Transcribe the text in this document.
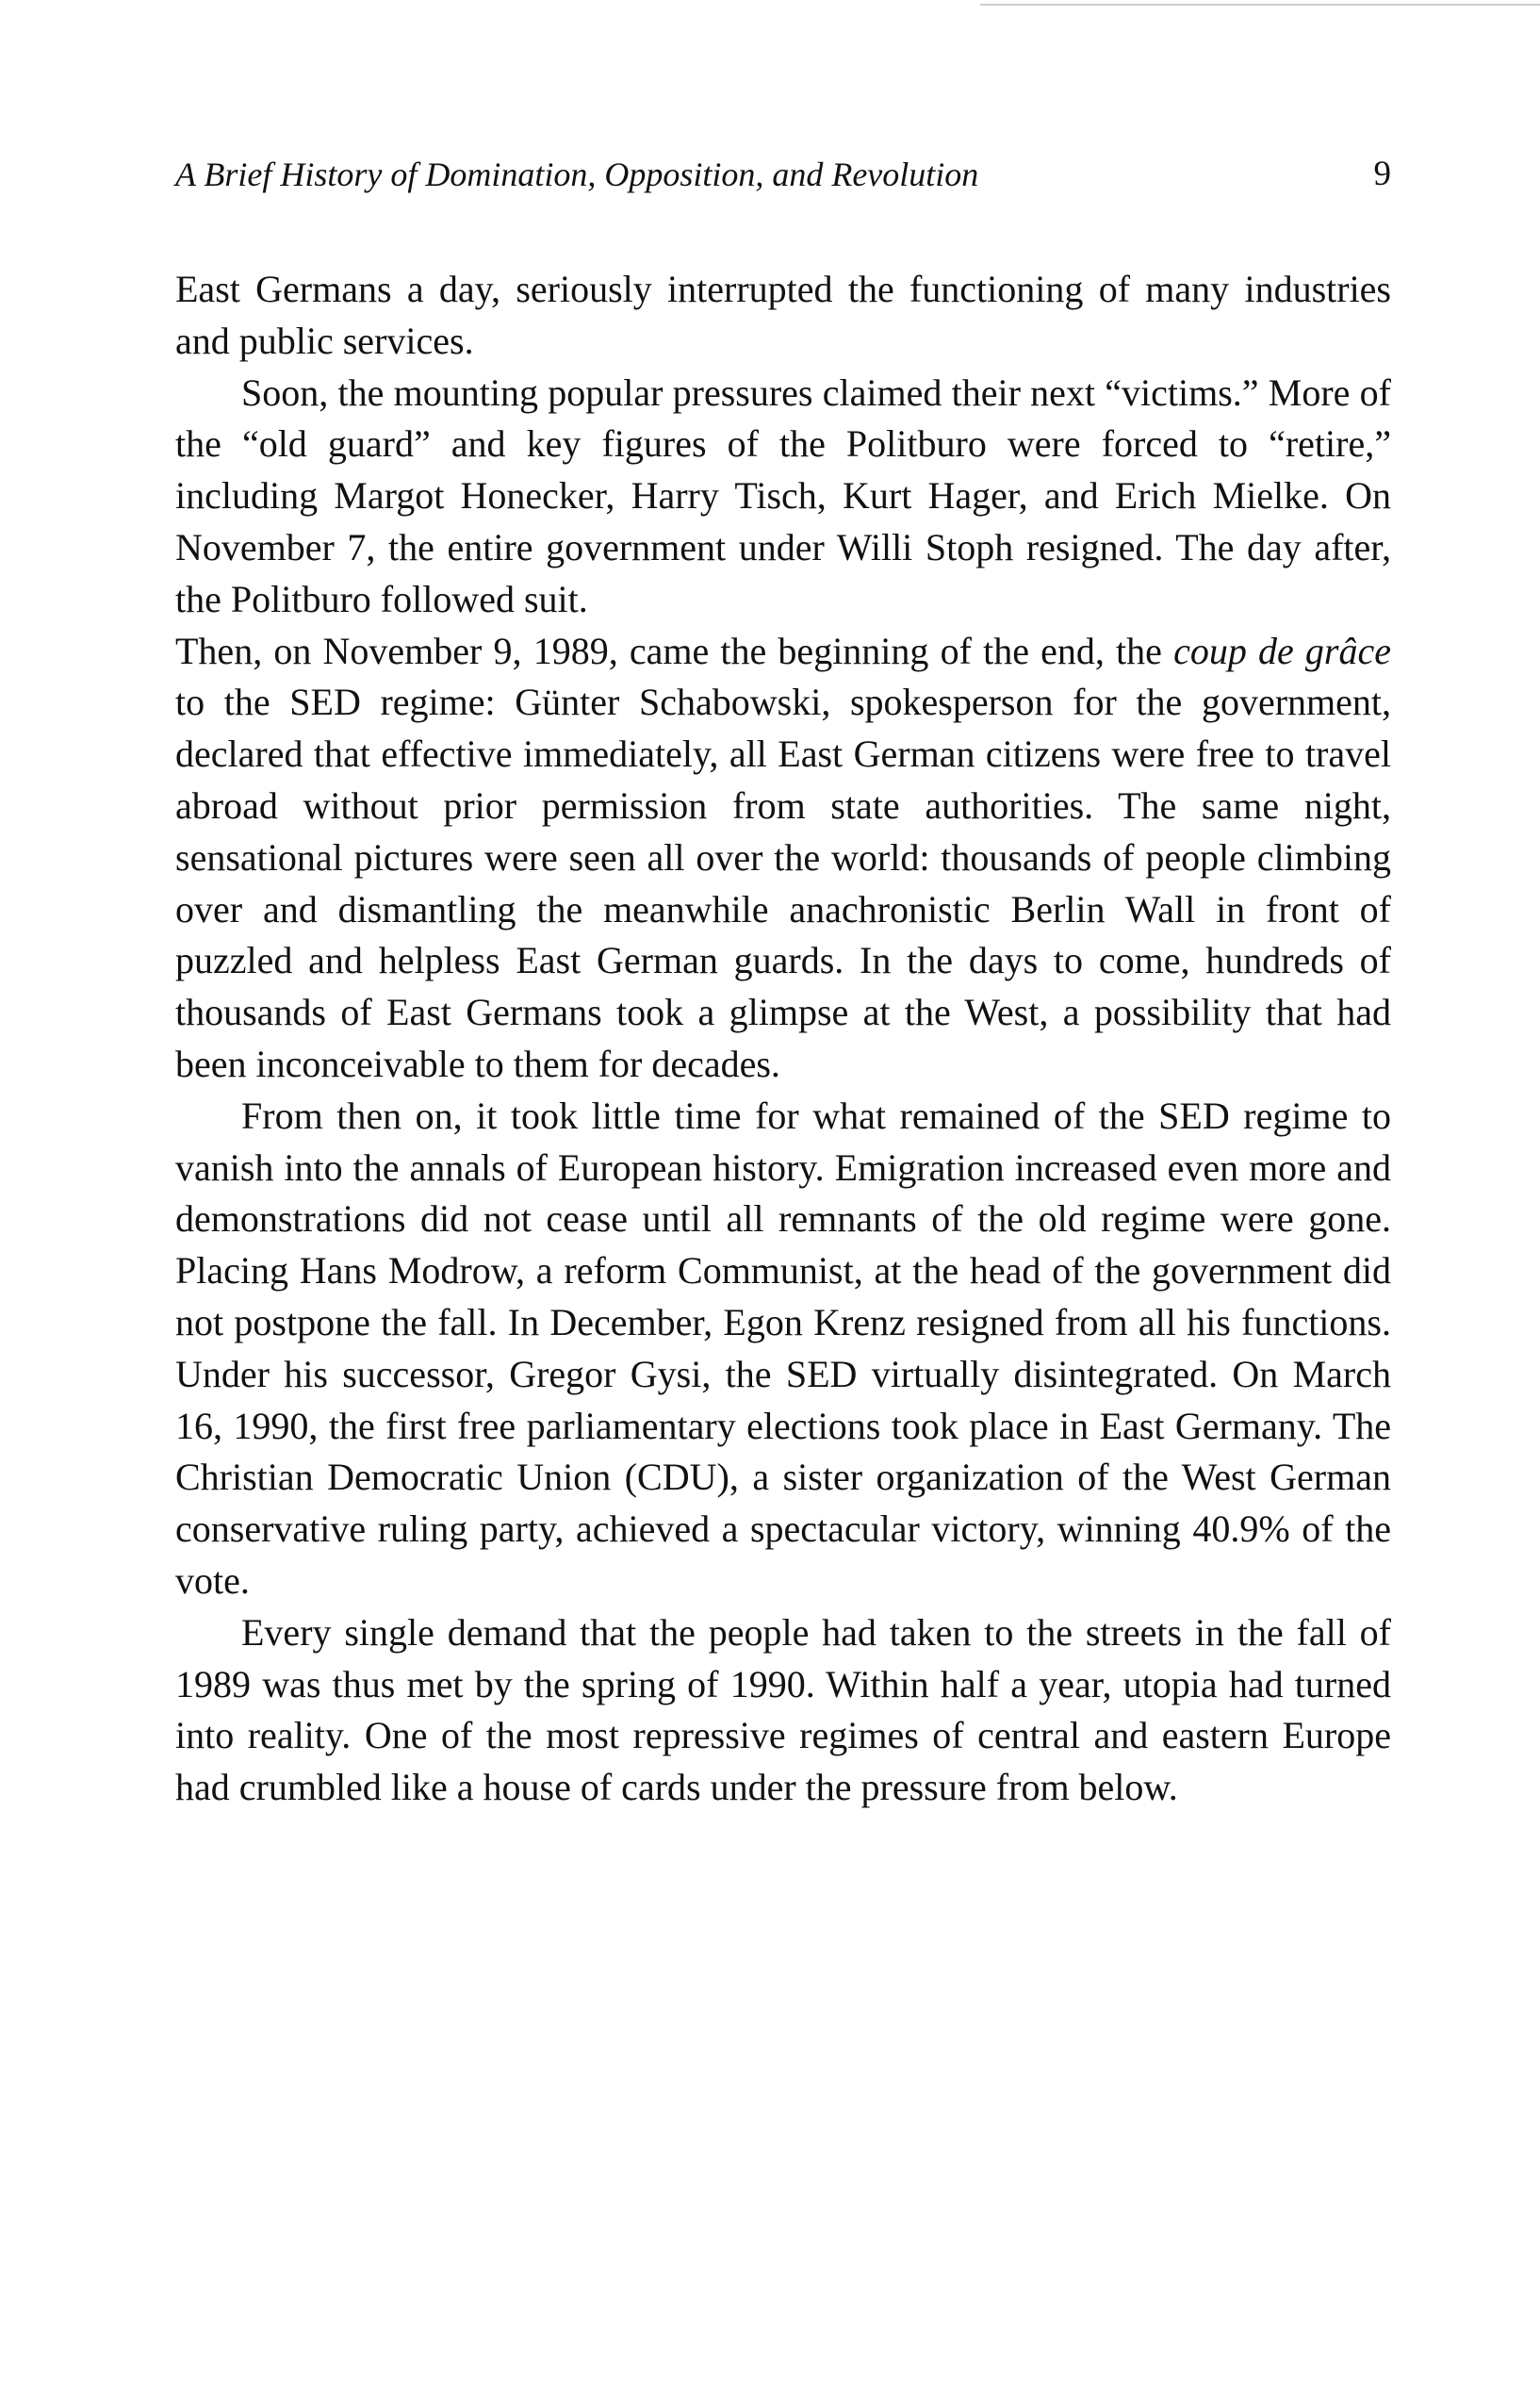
A Brief History of Domination, Opposition, and Revolution	9

East Germans a day, seriously interrupted the functioning of many industries and public services.

Soon, the mounting popular pressures claimed their next “victims.” More of the “old guard” and key figures of the Politburo were forced to “retire,” including Margot Honecker, Harry Tisch, Kurt Hager, and Erich Mielke. On November 7, the entire government under Willi Stoph resigned. The day after, the Politburo followed suit.

Then, on November 9, 1989, came the beginning of the end, the coup de grâce to the SED regime: Günter Schabowski, spokesperson for the government, declared that effective immediately, all East German citizens were free to travel abroad without prior permission from state authorities. The same night, sensational pictures were seen all over the world: thousands of people climbing over and dismantling the meanwhile anachronistic Berlin Wall in front of puzzled and helpless East German guards. In the days to come, hundreds of thousands of East Germans took a glimpse at the West, a possibility that had been inconceivable to them for decades.

From then on, it took little time for what remained of the SED regime to vanish into the annals of European history. Emigration increased even more and demonstrations did not cease until all remnants of the old regime were gone. Placing Hans Modrow, a reform Communist, at the head of the government did not postpone the fall. In December, Egon Krenz resigned from all his functions. Under his successor, Gregor Gysi, the SED virtually disintegrated. On March 16, 1990, the first free parliamentary elections took place in East Germany. The Christian Democratic Union (CDU), a sister organization of the West German conservative ruling party, achieved a spectacular victory, winning 40.9% of the vote.

Every single demand that the people had taken to the streets in the fall of 1989 was thus met by the spring of 1990. Within half a year, utopia had turned into reality. One of the most repressive regimes of central and eastern Europe had crumbled like a house of cards under the pressure from below.
